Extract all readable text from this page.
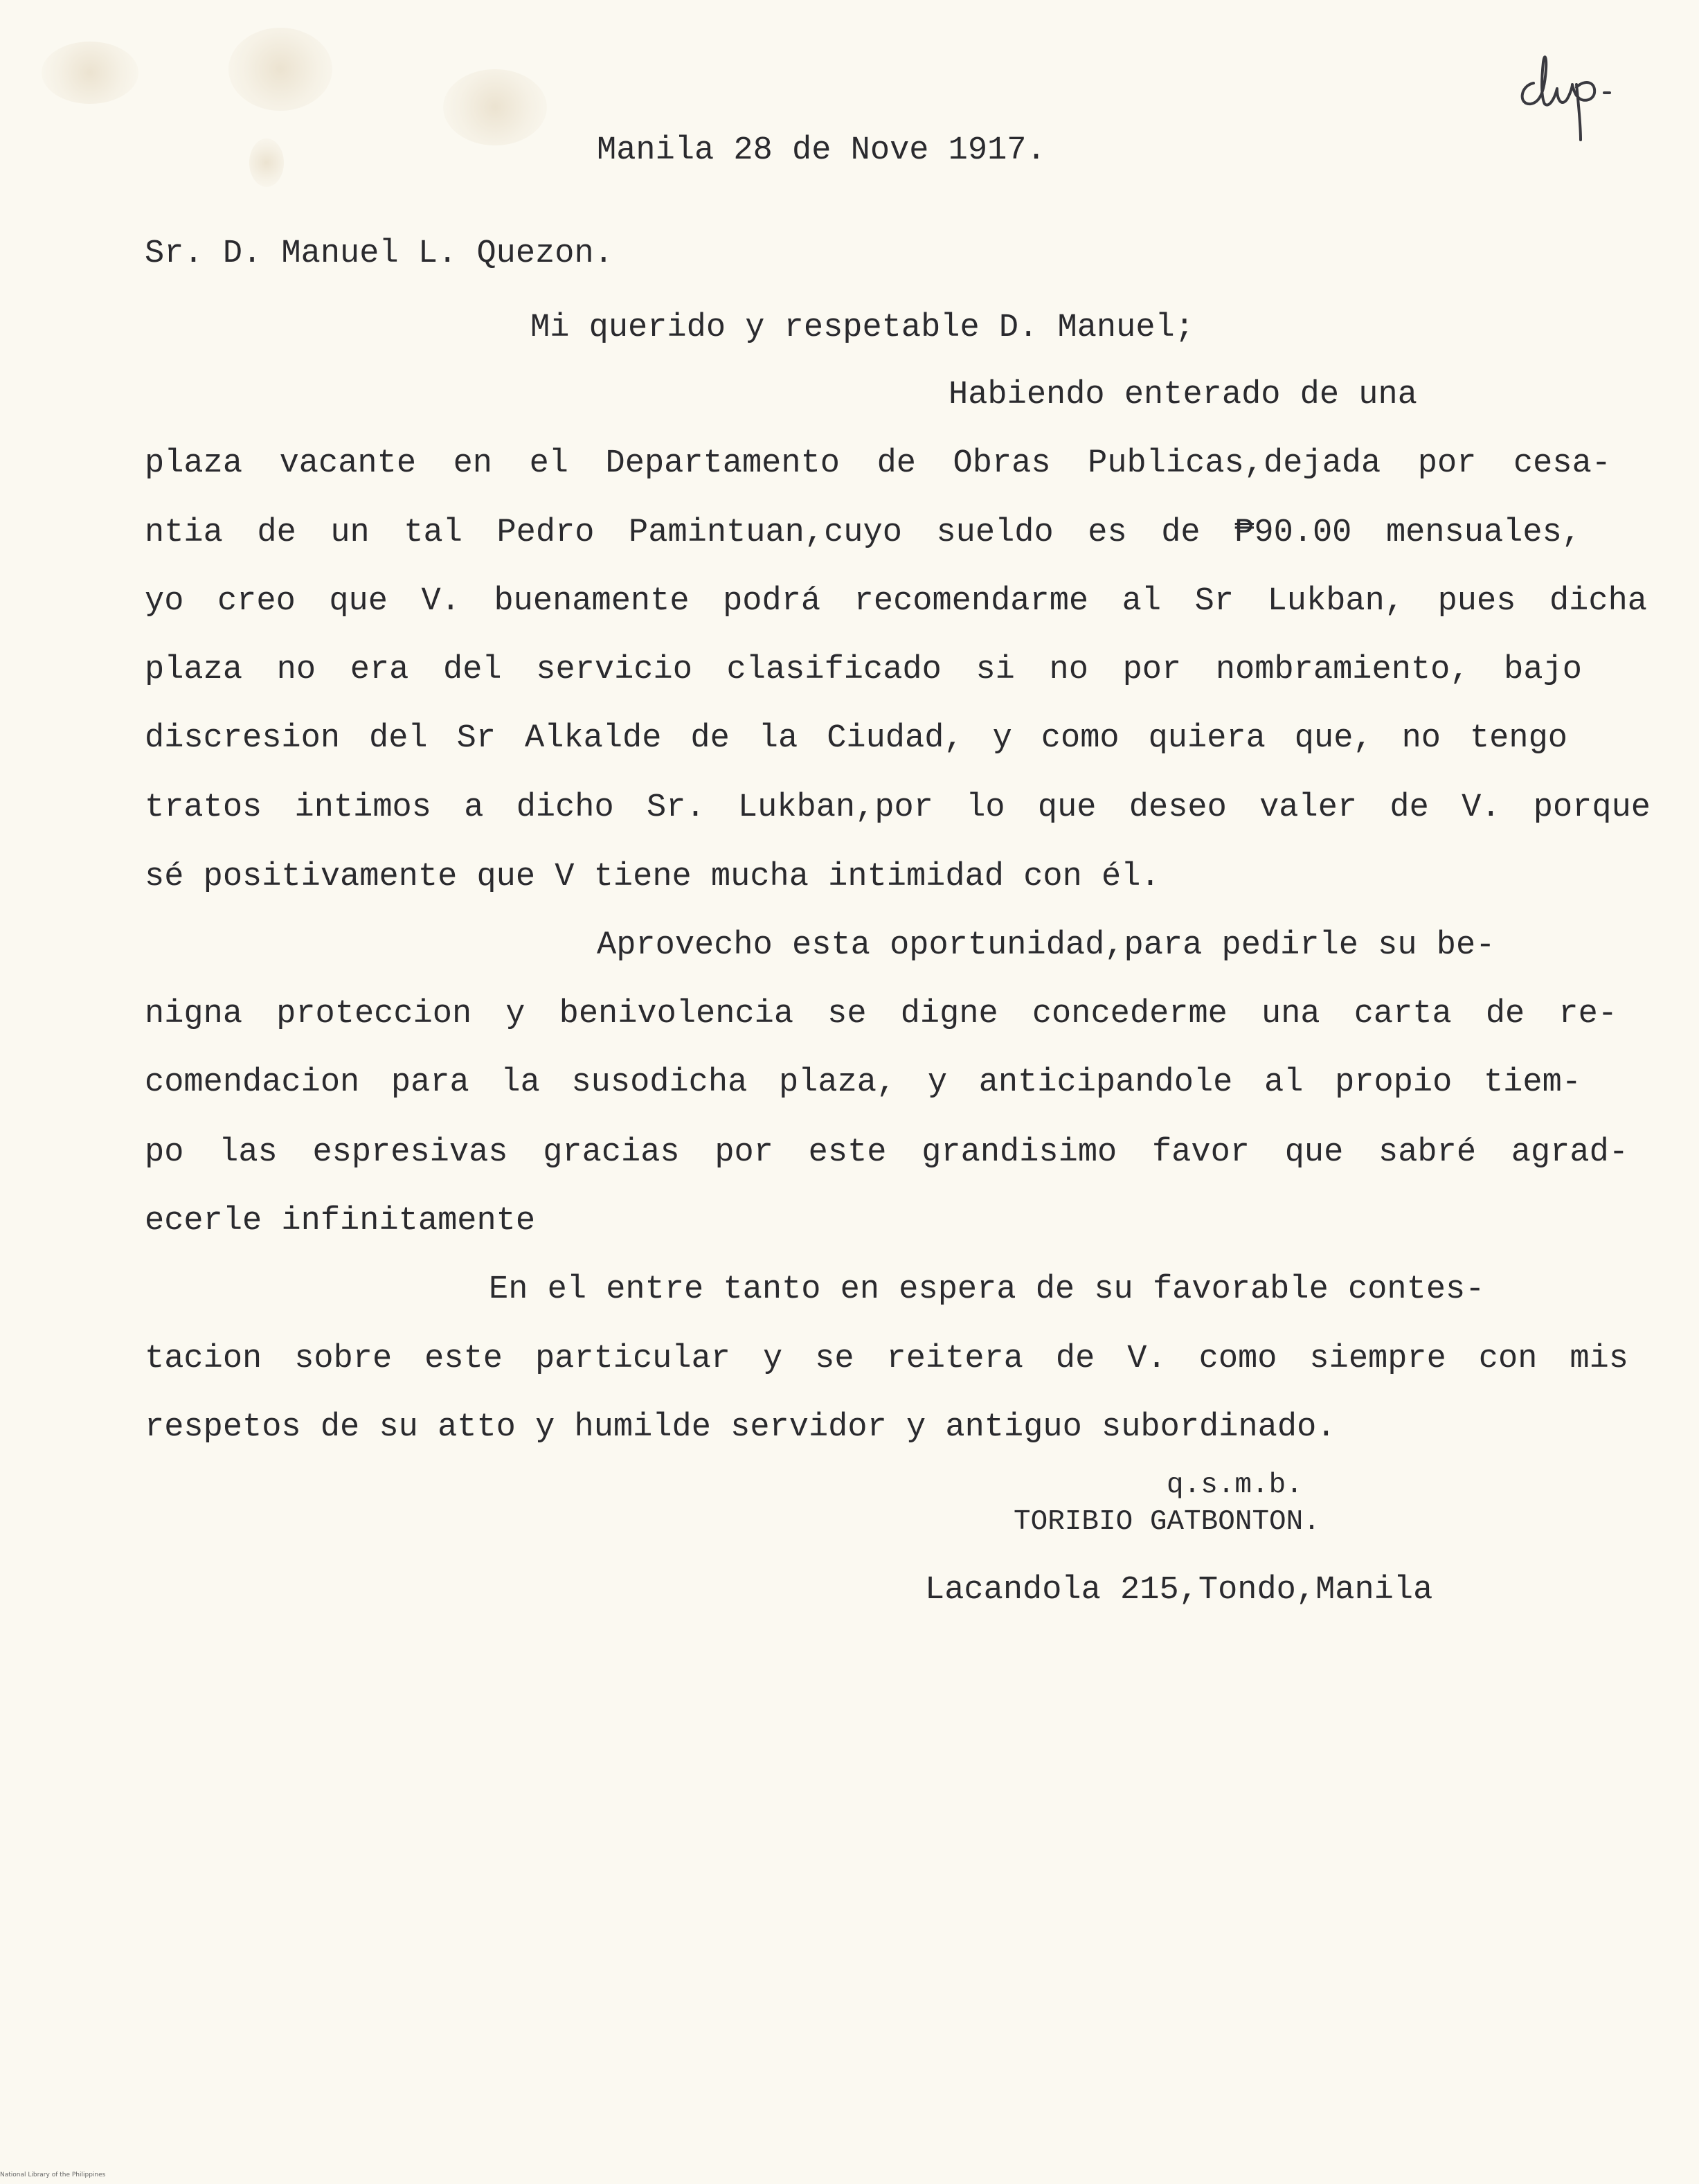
Manila 28 de Nove 1917.

Sr. D. Manuel L. Quezon.

Mi querido y respetable D. Manuel;

Habiendo enterado de una

plaza vacante en el Departamento de Obras Publicas,dejada por cesa-

ntia de un tal Pedro Pamintuan,cuyo sueldo es de ₱90.00 mensuales,

yo creo que V. buenamente podrá recomendarme al Sr Lukban, pues dicha

plaza no era del servicio clasificado si no por nombramiento, bajo

discresion del Sr Alkalde de la Ciudad, y como quiera que, no tengo

tratos intimos a dicho Sr. Lukban,por lo que deseo valer de V. porque

sé positivamente que V tiene mucha intimidad con él.

Aprovecho esta oportunidad,para pedirle su be-

nigna proteccion y benivolencia se digne concederme una carta de re-

comendacion para la susodicha plaza, y anticipandole al propio tiem-

po las espresivas gracias por este grandisimo favor que sabré agrad-

ecerle infinitamente

En el entre tanto en espera de su favorable contes-

tacion sobre este particular y se reitera de V. como siempre con mis

respetos de su atto y humilde servidor y antiguo subordinado.

q.s.m.b.

TORIBIO GATBONTON.

Lacandola 215,Tondo,Manila

National Library of the Philippines
